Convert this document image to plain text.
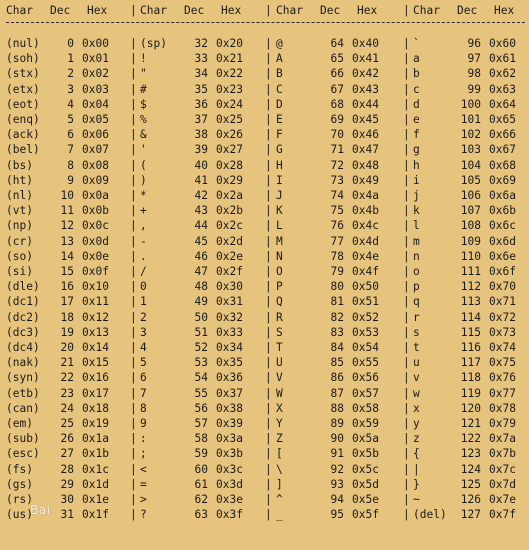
Char Dec Hex	Char Dec Hex	Char Dec Hex	Char Dec Hex
|	|	|
(nul)	0 0x00	(sp)	32 0x20	@	64 0x40	`	96 0x60
|	|	|
(soh)	1 0x01	!	33 0x21	A	65 0x41	a	97 0x61
|	|	|
(stx)	2 0x02	"	34 0x22	B	66 0x42	b	98 0x62
|	|	|
(etx)	3 0x03	#	35 0x23	C	67 0x43	c	99 0x63
|	|	|
(eot)	4 0x04	$	36 0x24	D	68 0x44	d	100 0x64
|	|	|
(enq)	5 0x05	%	37 0x25	E	69 0x45	e	101 0x65
|	|	|
(ack)	6 0x06	&	38 0x26	F	70 0x46	f	102 0x66
|	|	|
(bel)	7 0x07	'	39 0x27	G	71 0x47	g	103 0x67
|	|	|
(bs)	8 0x08	(	40 0x28	H	72 0x48	h	104 0x68
|	|	|
(ht)	9 0x09	)	41 0x29	I	73 0x49	i	105 0x69
|	|	|
(nl)	10 0x0a	*	42 0x2a	J	74 0x4a	j	106 0x6a
|	|	|
(vt)	11 0x0b	+	43 0x2b	K	75 0x4b	k	107 0x6b
|	|	|
(np)	12 0x0c	,	44 0x2c	L	76 0x4c	l	108 0x6c
|	|	|
(cr)	13 0x0d	-	45 0x2d	M	77 0x4d	m	109 0x6d
|	|	|
(so)	14 0x0e	.	46 0x2e	N	78 0x4e	n	110 0x6e
|	|	|
(si)	15 0x0f	/	47 0x2f	O	79 0x4f	o	111 0x6f
|	|	|
(dle)	16 0x10	0	48 0x30	P	80 0x50	p	112 0x70
|	|	|
(dc1)	17 0x11	1	49 0x31	Q	81 0x51	q	113 0x71
|	|	|
(dc2)	18 0x12	2	50 0x32	R	82 0x52	r	114 0x72
|	|	|
(dc3)	19 0x13	3	51 0x33	S	83 0x53	s	115 0x73
|	|	|
(dc4)	20 0x14	4	52 0x34	T	84 0x54	t	116 0x74
|	|	|
(nak)	21 0x15	5	53 0x35	U	85 0x55	u	117 0x75
|	|	|
(syn)	22 0x16	6	54 0x36	V	86 0x56	v	118 0x76
|	|	|
(etb)	23 0x17	7	55 0x37	W	87 0x57	w	119 0x77
|	|	|
(can)	24 0x18	8	56 0x38	X	88 0x58	x	120 0x78
|	|	|
(em)	25 0x19	9	57 0x39	Y	89 0x59	y	121 0x79
|	|	|
(sub)	26 0x1a	:	58 0x3a	Z	90 0x5a	z	122 0x7a
|	|	|
(esc)	27 0x1b	;	59 0x3b	[	91 0x5b	{	123 0x7b
|	|	|
(fs)	28 0x1c	<	60 0x3c	\	92 0x5c	|	124 0x7c
|	|	|
(gs)	29 0x1d	=	61 0x3d	]	93 0x5d	}	125 0x7d
|	|	|
(rs)	30 0x1e	>	62 0x3e	^	94 0x5e	~	126 0x7e
|	|	|
(us)	31 0x1f	?	63 0x3f	_	95 0x5f	(del)	127 0x7f
|	|	|
Bai
